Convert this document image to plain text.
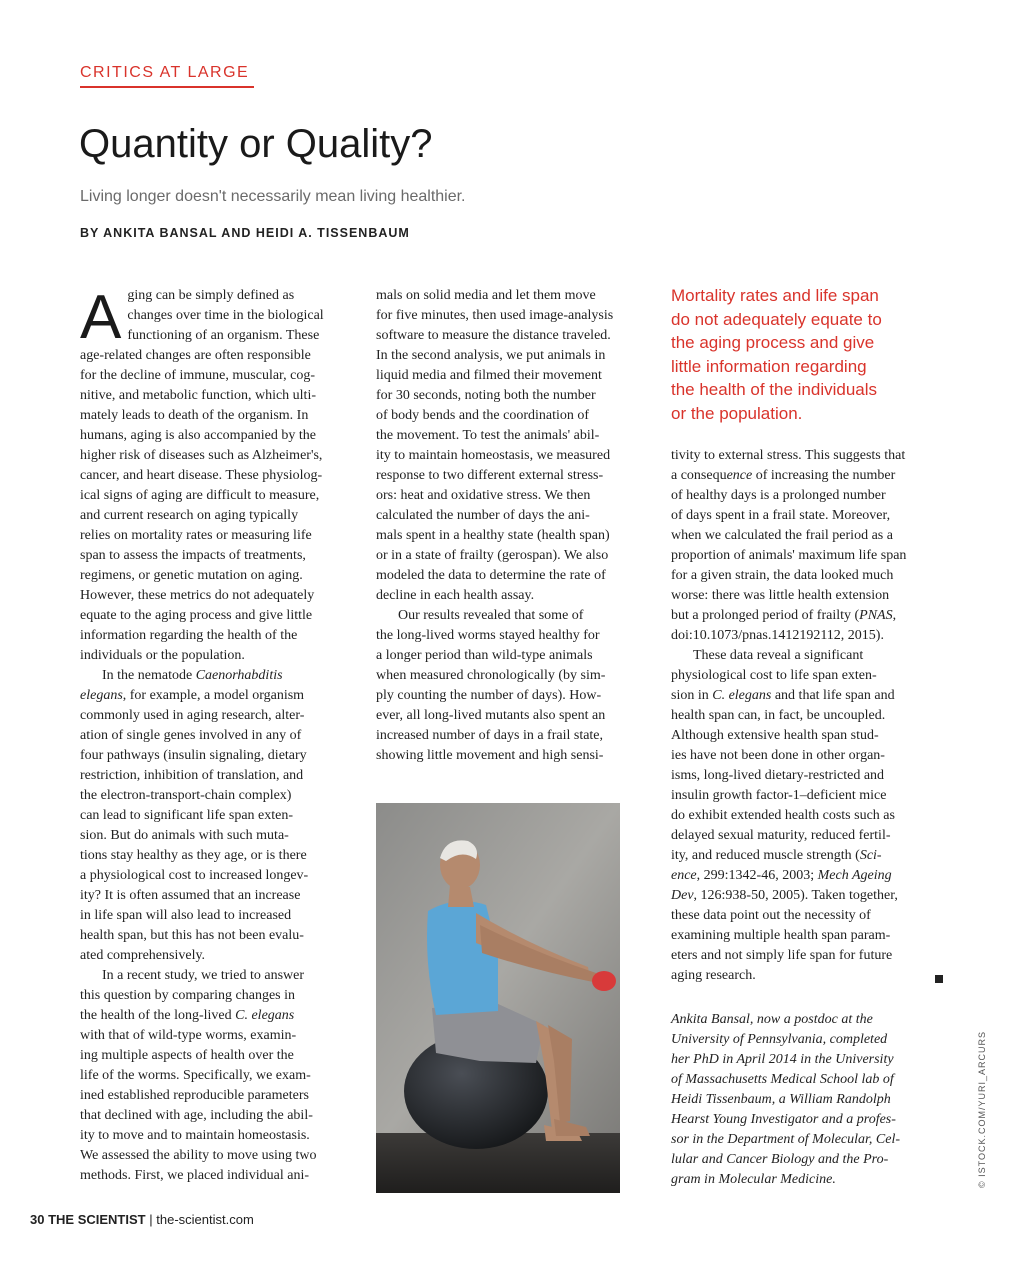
CRITICS AT LARGE
Quantity or Quality?
Living longer doesn't necessarily mean living healthier.
BY ANKITA BANSAL AND HEIDI A. TISSENBAUM
A ging can be simply defined as
changes over time in the biological
functioning of an organism. These
age-related changes are often responsible
for the decline of immune, muscular, cog-
nitive, and metabolic function, which ulti-
mately leads to death of the organism. In
humans, aging is also accompanied by the
higher risk of diseases such as Alzheimer's,
cancer, and heart disease. These physiolog-
ical signs of aging are difficult to measure,
and current research on aging typically
relies on mortality rates or measuring life
span to assess the impacts of treatments,
regimens, or genetic mutation on aging.
However, these metrics do not adequately
equate to the aging process and give little
information regarding the health of the
individuals or the population.
In the nematode Caenorhabditis
elegans, for example, a model organism
commonly used in aging research, alter-
ation of single genes involved in any of
four pathways (insulin signaling, dietary
restriction, inhibition of translation, and
the electron-transport-chain complex)
can lead to significant life span exten-
sion. But do animals with such muta-
tions stay healthy as they age, or is there
a physiological cost to increased longev-
ity? It is often assumed that an increase
in life span will also lead to increased
health span, but this has not been evalu-
ated comprehensively.
In a recent study, we tried to answer
this question by comparing changes in
the health of the long-lived C. elegans
with that of wild-type worms, examin-
ing multiple aspects of health over the
life of the worms. Specifically, we exam-
ined established reproducible parameters
that declined with age, including the abil-
ity to move and to maintain homeostasis.
We assessed the ability to move using two
methods. First, we placed individual ani-
mals on solid media and let them move
for five minutes, then used image-analysis
software to measure the distance traveled.
In the second analysis, we put animals in
liquid media and filmed their movement
for 30 seconds, noting both the number
of body bends and the coordination of
the movement. To test the animals' abil-
ity to maintain homeostasis, we measured
response to two different external stress-
ors: heat and oxidative stress. We then
calculated the number of days the ani-
mals spent in a healthy state (health span)
or in a state of frailty (gerospan). We also
modeled the data to determine the rate of
decline in each health assay.
Our results revealed that some of
the long-lived worms stayed healthy for
a longer period than wild-type animals
when measured chronologically (by sim-
ply counting the number of days). How-
ever, all long-lived mutants also spent an
increased number of days in a frail state,
showing little movement and high sensi-
Mortality rates and life span
do not adequately equate to
the aging process and give
little information regarding
the health of the individuals
or the population.
tivity to external stress. This suggests that
a consequence of increasing the number
of healthy days is a prolonged number
of days spent in a frail state. Moreover,
when we calculated the frail period as a
proportion of animals' maximum life span
for a given strain, the data looked much
worse: there was little health extension
but a prolonged period of frailty (PNAS,
doi:10.1073/pnas.1412192112, 2015).
These data reveal a significant
physiological cost to life span exten-
sion in C. elegans and that life span and
health span can, in fact, be uncoupled.
Although extensive health span stud-
ies have not been done in other organ-
isms, long-lived dietary-restricted and
insulin growth factor-1–deficient mice
do exhibit extended health costs such as
delayed sexual maturity, reduced fertil-
ity, and reduced muscle strength (Sci-
ence, 299:1342-46, 2003; Mech Ageing
Dev, 126:938-50, 2005). Taken together,
these data point out the necessity of
examining multiple health span param-
eters and not simply life span for future
aging research.
Ankita Bansal, now a postdoc at the
University of Pennsylvania, completed
her PhD in April 2014 in the University
of Massachusetts Medical School lab of
Heidi Tissenbaum, a William Randolph
Hearst Young Investigator and a profes-
sor in the Department of Molecular, Cel-
lular and Cancer Biology and the Pro-
gram in Molecular Medicine.	© ISTOCK.COM/YURI_ARCURS
30 THE SCIENTIST | the-scientist.com
